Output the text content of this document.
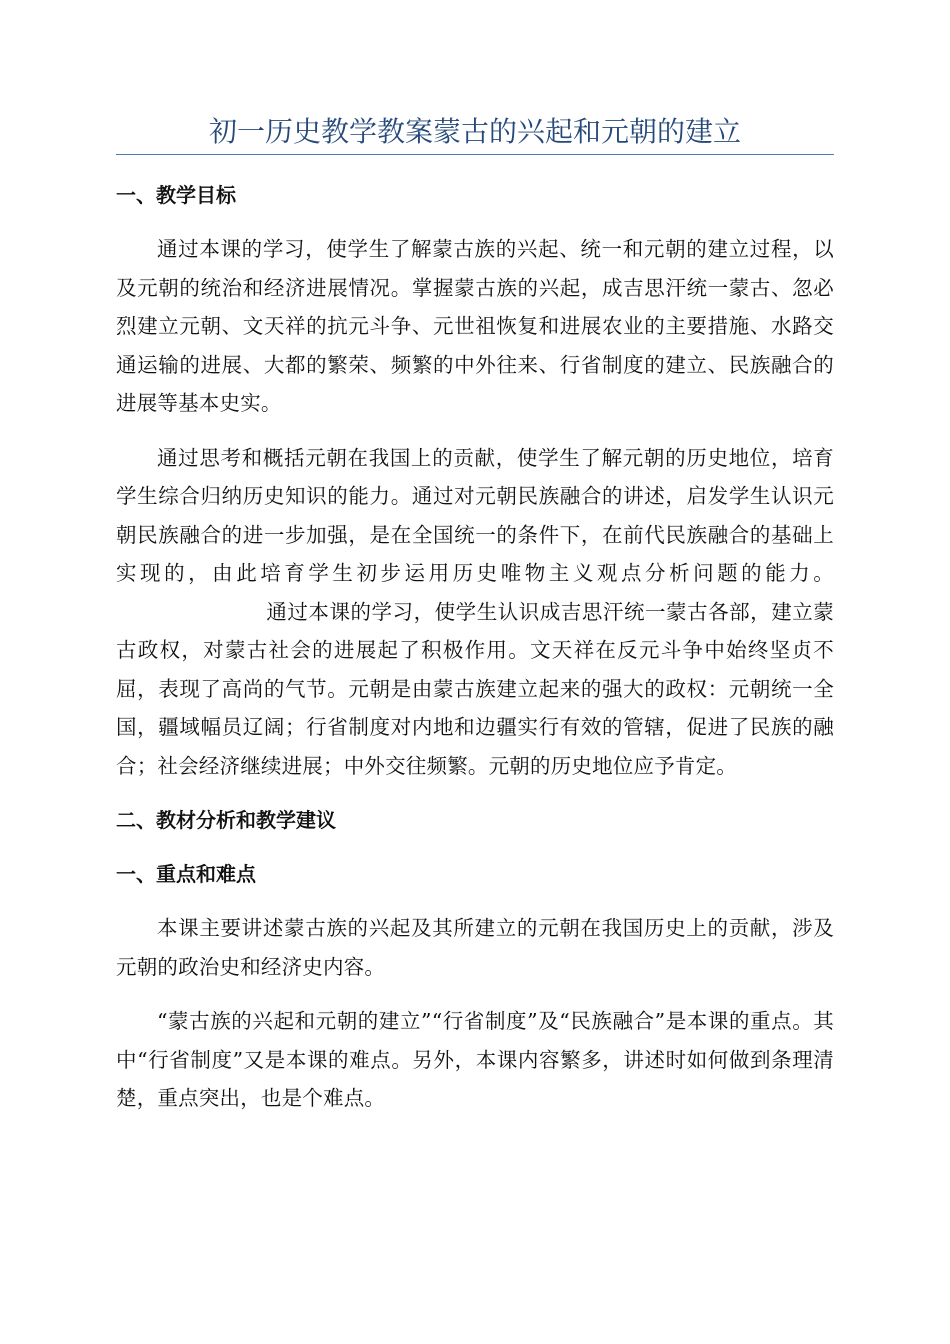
初一历史教学教案蒙古的兴起和元朝的建立

一、教学目标

通过本课的学习，使学生了解蒙古族的兴起、统一和元朝的建立过程，以及元朝的统治和经济进展情况。掌握蒙古族的兴起，成吉思汗统一蒙古、忽必烈建立元朝、文天祥的抗元斗争、元世祖恢复和进展农业的主要措施、水路交通运输的进展、大都的繁荣、频繁的中外往来、行省制度的建立、民族融合的进展等基本史实。

通过思考和概括元朝在我国上的贡献，使学生了解元朝的历史地位，培育学生综合归纳历史知识的能力。通过对元朝民族融合的讲述，启发学生认识元朝民族融合的进一步加强，是在全国统一的条件下，在前代民族融合的基础上实现的，由此培育学生初步运用历史唯物主义观点分析问题的能力。通过本课的学习，使学生认识成吉思汗统一蒙古各部，建立蒙古政权，对蒙古社会的进展起了积极作用。文天祥在反元斗争中始终坚贞不屈，表现了高尚的气节。元朝是由蒙古族建立起来的强大的政权：元朝统一全国，疆域幅员辽阔；行省制度对内地和边疆实行有效的管辖，促进了民族的融合；社会经济继续进展；中外交往频繁。元朝的历史地位应予肯定。

二、教材分析和教学建议

一、重点和难点

本课主要讲述蒙古族的兴起及其所建立的元朝在我国历史上的贡献，涉及元朝的政治史和经济史内容。

“蒙古族的兴起和元朝的建立”“行省制度”及“民族融合”是本课的重点。其中“行省制度”又是本课的难点。另外，本课内容繁多，讲述时如何做到条理清楚，重点突出，也是个难点。
